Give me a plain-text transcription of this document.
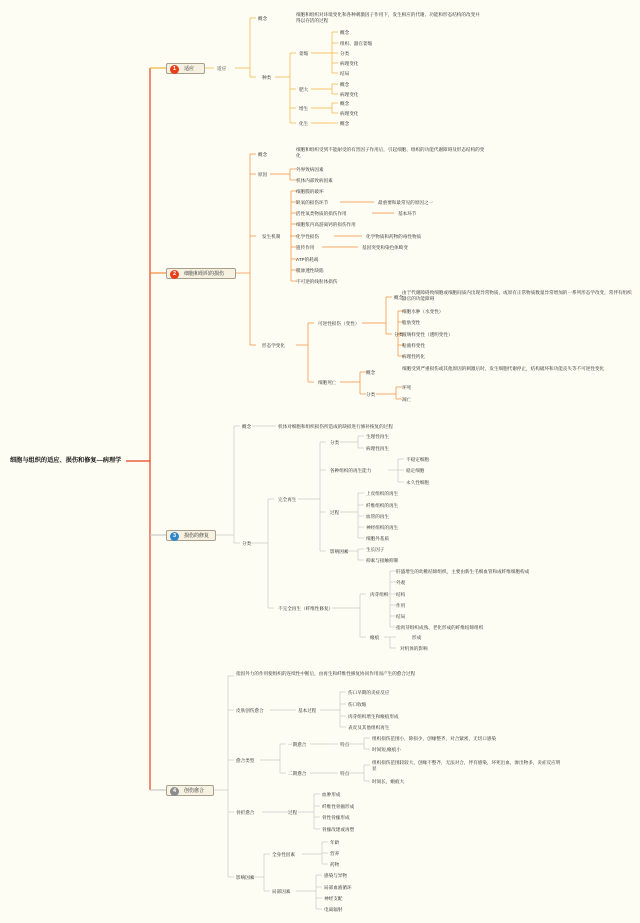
细胞与组织的适应、损伤和修复—病理学
1	适应	适应
概念
细胞和组织对环境变化和各种刺激因子作用下，发生相应的代谢、功能和形态结构的改变并得以存活的过程
种类
萎缩
概念
组织、器官萎缩
分类
病理变化
结局
肥大
概念
病理变化
增生
概念
病理变化
化生	概念
2	细胞和组织的损伤
概念
细胞和组织受到不能耐受的有害因子作用后，引起细胞、组织的功能代谢障碍及形态结构的变化
原因
外界致病因素
机体内部致病因素
发生机制
细胞膜的破坏
缺氧的损伤环节
活性氧类物质的损伤作用
细胞浆内高游离钙的损伤作用
化学性损伤
遗传作用
ATP的耗竭
膜渗透性缺陷
不可逆的线粒体损伤
最重要和最常见的原因之一
基本环节
化学物质和药物的毒性物质
基因突变和染色体畸变
形态学变化
可逆性损伤（变性）
概念
由于代谢障碍致细胞或细胞间质内出现异常物质，或原有正常物质数量异常增加的一系列形态学改变，常伴有组织器官的功能障碍
分类
细胞水肿（水变性）
脂肪变性
玻璃样变性（透明变性）
粘液样变性
病理性钙化
细胞死亡
概念
细胞受到严重损伤或其他原因的刺激后时，发生细胞代谢停止，结构破坏和功能丧失等不可逆性变化
分类
坏死
凋亡
3	损伤的修复
概念	机体对细胞和组织损伤所造成的缺损进行修补恢复的过程
分类
完全再生
分类
生理性再生
病理性再生
各种组织的再生能力
不稳定细胞
稳定细胞
永久性细胞
过程
上皮组织的再生
纤维组织的再生
血管的再生
神经组织的再生
细胞外基质
影响因素	生长因子
抑素与接触抑制
不完全再生（纤维性修复）
肉芽组织
肝盛增生的幼稚结缔组织，主要由新生毛细血管和成纤维细胞构成
外观
结构
作用
结局
指肉芽组织成熟、老化形成的纤维结缔组织
瘢痕	形成
对机体的影响
4	创伤愈合
指因外力的作用使组织的连续性中断后，由再生和纤维性修复协同作用而产生的愈合过程
皮肤创伤愈合	基本过程
伤口早期的炎症反应
伤口收缩
肉芽组织增生和瘢痕形成
表皮及其他组织再生
愈合类型
一期愈合	特点
组织损伤范围小，除损少，创缘整齐，对合紧密，无切口感染
时间短,瘢痕小
二期愈合	特点
组织损伤范围较较大，创缘不整齐，无法对合，伴有感染，坏死出血，渗出物多，炎症反应明显
时间长，瘢痕大
骨折愈合	过程
血肿形成
纤维性骨痂形成
骨性骨痂形成
骨痂改建或再塑
影响因素
全身性因素
年龄
营养
药物
局部因素
感染与异物
局部血液循环
神经支配
电离辐射
